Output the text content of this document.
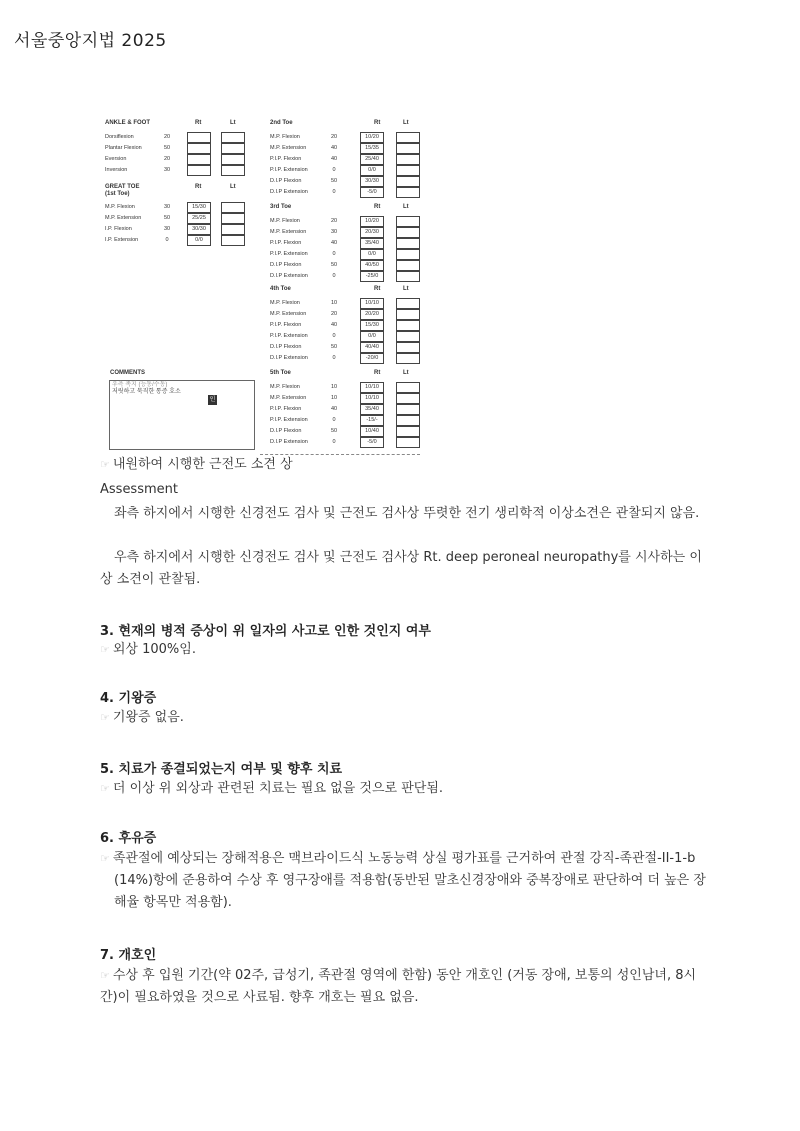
서울중앙지법 2025
ANKLE & FOOT	Rt	Lt
Dorsiflexion	20
Plantar Flexion	50
Eversion	20
Inversion	30
GREAT TOE
(1st Toe)
Rt	Lt
M.P. Flexion	30	15/30
M.P. Extension	50	25/25
I.P. Flexion	30	30/30
I.P. Extension	0	0/0
2nd Toe	Rt	Lt
M.P. Flexion	20	10/20
M.P. Extension	40	15/35
P.I.P. Flexion	40	25/40
P.I.P. Extension	0	0/0
D.I.P Flexion	50	30/30
D.I.P Extension	0	-5/0
3rd Toe	Rt	Lt
M.P. Flexion	20	10/20
M.P. Extension	30	20/30
P.I.P. Flexion	40	35/40
P.I.P. Extension	0	0/0
D.I.P Flexion	50	40/50
D.I.P Extension	0	-25/0
4th Toe	Rt	Lt
M.P. Flexion	10	10/10
M.P. Extension	20	20/20
P.I.P. Flexion	40	15/30
P.I.P. Extension	0	0/0
D.I.P Flexion	50	40/40
D.I.P Extension	0	-20/0
5th Toe	Rt	Lt
M.P. Flexion	10	10/10
M.P. Extension	10	10/10
P.I.P. Flexion	40	35/40
P.I.P. Extension	0	-15/-
D.I.P Flexion	50	10/40
D.I.P Extension	0	-5/0
COMMENTS
우측 족지 (능동/수동)
저릿하고 묵직한 통증 호소
인
☞ 내원하여 시행한 근전도 소견 상
Assessment
좌측 하지에서 시행한 신경전도 검사 및 근전도 검사상 뚜렷한 전기 생리학적 이상소견은 관찰되지 않음.
우측 하지에서 시행한 신경전도 검사 및 근전도 검사상 Rt. deep peroneal neuropathy를 시사하는 이상 소견이 관찰됨.
3. 현재의 병적 증상이 위 일자의 사고로 인한 것인지 여부
☞ 외상 100%임.
4. 기왕증
☞ 기왕증 없음.
5. 치료가 종결되었는지 여부 및 향후 치료
☞ 더 이상 위 외상과 관련된 치료는 필요 없을 것으로 판단됨.
6. 후유증
☞ 족관절에 예상되는 장해적용은 맥브라이드식 노동능력 상실 평가표를 근거하여 관절 강직-족관절-II-1-b (14%)항에 준용하여 수상 후 영구장애를 적용함(동반된 말초신경장애와 중복장애로 판단하여 더 높은 장해율 항목만 적용함).
7. 개호인
☞ 수상 후 입원 기간(약 02주, 급성기, 족관절 영역에 한함) 동안 개호인 (거동 장애, 보통의 성인남녀, 8시간)이 필요하였을 것으로 사료됨. 향후 개호는 필요 없음.
